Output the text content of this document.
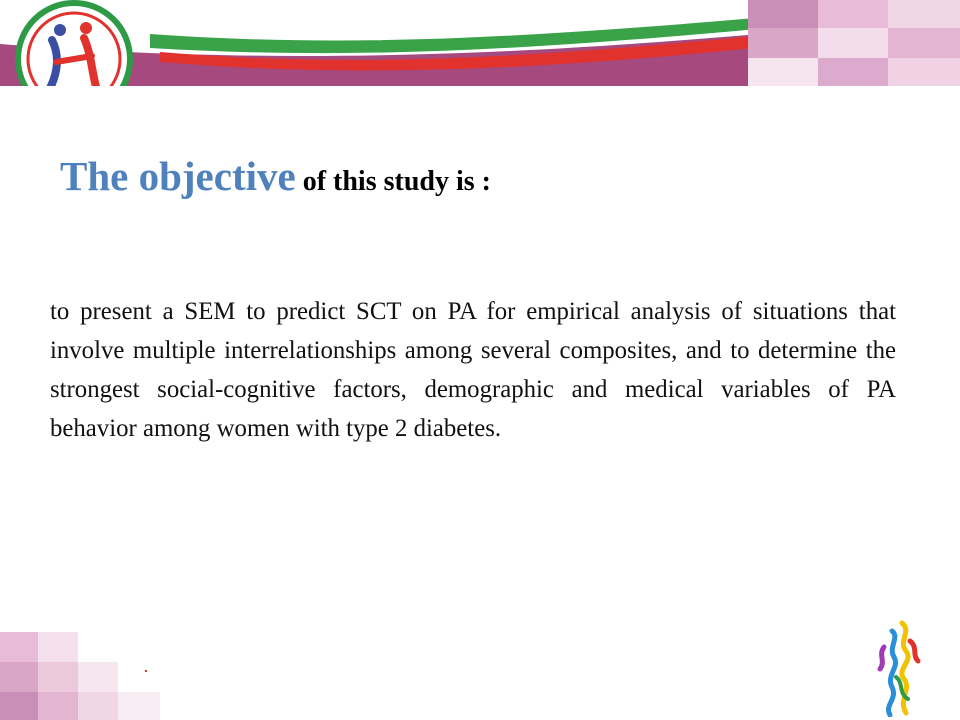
The objective of this study is :
to present a SEM to predict SCT on PA for empirical analysis of situations that involve multiple interrelationships among several composites, and to determine the strongest social-cognitive factors, demographic and medical variables of PA behavior among women with type 2 diabetes.
